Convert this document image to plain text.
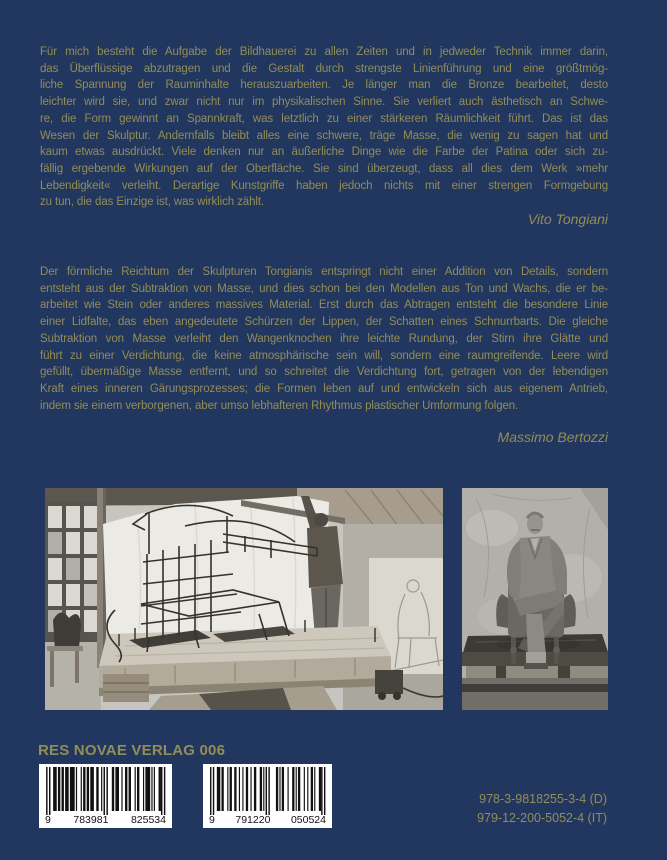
Für mich besteht die Aufgabe der Bildhauerei zu allen Zeiten und in jedweder Technik immer darin,
das Überflüssige abzutragen und die Gestalt durch strengste Linienführung und eine größtmög-
liche Spannung der Rauminhalte herauszuarbeiten. Je länger man die Bronze bearbeitet, desto
leichter wird sie, und zwar nicht nur im physikalischen Sinne. Sie verliert auch ästhetisch an Schwe-
re, die Form gewinnt an Spannkraft, was letztlich zu einer stärkeren Räumlichkeit führt. Das ist das
Wesen der Skulptur. Andernfalls bleibt alles eine schwere, träge Masse, die wenig zu sagen hat und
kaum etwas ausdrückt. Viele denken nur an äußerliche Dinge wie die Farbe der Patina oder sich zu-
fällig ergebende Wirkungen auf der Oberfläche. Sie sind überzeugt, dass all dies dem Werk »mehr
Lebendigkeit« verleiht. Derartige Kunstgriffe haben jedoch nichts mit einer strengen Formgebung
zu tun, die das Einzige ist, was wirklich zählt.
Vito Tongiani
Der förmliche Reichtum der Skulpturen Tongianis entspringt nicht einer Addition von Details, sondern
entsteht aus der Subtraktion von Masse, und dies schon bei den Modellen aus Ton und Wachs, die er be-
arbeitet wie Stein oder anderes massives Material. Erst durch das Abtragen entsteht die besondere Linie
einer Lidfalte, das eben angedeutete Schürzen der Lippen, der Schatten eines Schnurrbarts. Die gleiche
Subtraktion von Masse verleiht den Wangenknochen ihre leichte Rundung, der Stirn ihre Glätte und
führt zu einer Verdichtung, die keine atmosphärische sein will, sondern eine raumgreifende. Leere wird
gefüllt, übermäßige Masse entfernt, und so schreitet die Verdichtung fort, getragen von der lebendigen
Kraft eines inneren Gärungsprozesses; die Formen leben auf und entwickeln sich aus eigenem Antrieb,
indem sie einem verborgenen, aber umso lebhafteren Rhythmus plastischer Umformung folgen.
Massimo Bertozzi
RES NOVAE VERLAG 006
9 783981 825534	9 791220 050524
978-3-9818255-3-4 (D)
979-12-200-5052-4 (IT)
